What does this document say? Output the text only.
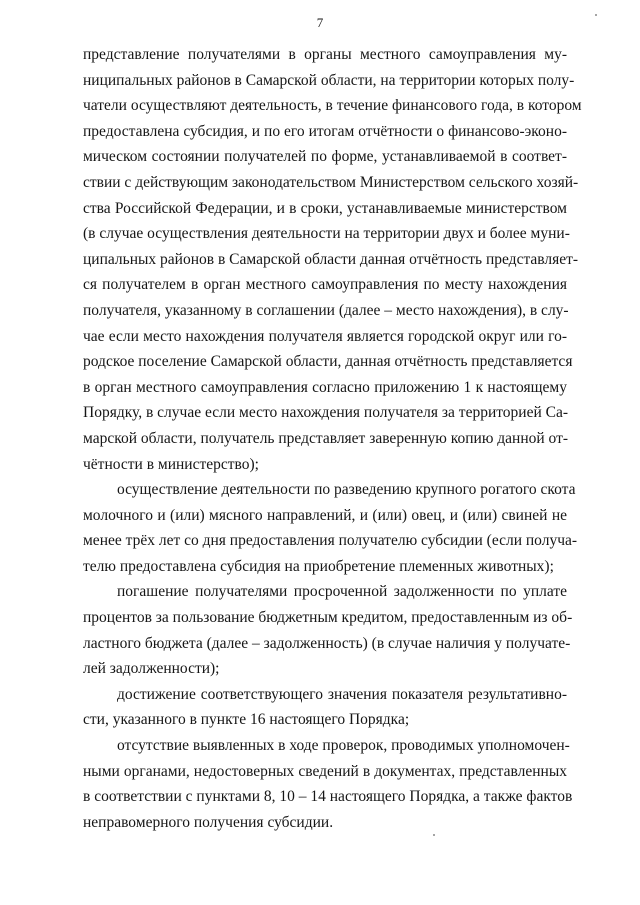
7
представление получателями в органы местного самоуправления му-
ниципальных районов в Самарской области, на территории которых полу-
чатели осуществляют деятельность, в течение финансового года, в котором
предоставлена субсидия, и по его итогам отчётности о финансово-эконо-
мическом состоянии получателей по форме, устанавливаемой в соответ-
ствии с действующим законодательством Министерством сельского хозяй-
ства Российской Федерации, и в сроки, устанавливаемые министерством
(в случае осуществления деятельности на территории двух и более муни-
ципальных районов в Самарской области данная отчётность представляет-
ся получателем в орган местного самоуправления по месту нахождения
получателя, указанному в соглашении (далее – место нахождения), в слу-
чае если место нахождения получателя является городской округ или го-
родское поселение Самарской области, данная отчётность представляется
в орган местного самоуправления согласно приложению 1 к настоящему
Порядку, в случае если место нахождения получателя за территорией Са-
марской области, получатель представляет заверенную копию данной от-
чётности в министерство);
осуществление деятельности по разведению крупного рогатого скота
молочного и (или) мясного направлений, и (или) овец, и (или) свиней не
менее трёх лет со дня предоставления получателю субсидии (если получа-
телю предоставлена субсидия на приобретение племенных животных);
погашение получателями просроченной задолженности по уплате
процентов за пользование бюджетным кредитом, предоставленным из об-
ластного бюджета (далее – задолженность) (в случае наличия у получате-
лей задолженности);
достижение соответствующего значения показателя результативно-
сти, указанного в пункте 16 настоящего Порядка;
отсутствие выявленных в ходе проверок, проводимых уполномочен-
ными органами, недостоверных сведений в документах, представленных
в соответствии с пунктами 8, 10 – 14 настоящего Порядка, а также фактов
неправомерного получения субсидии.
